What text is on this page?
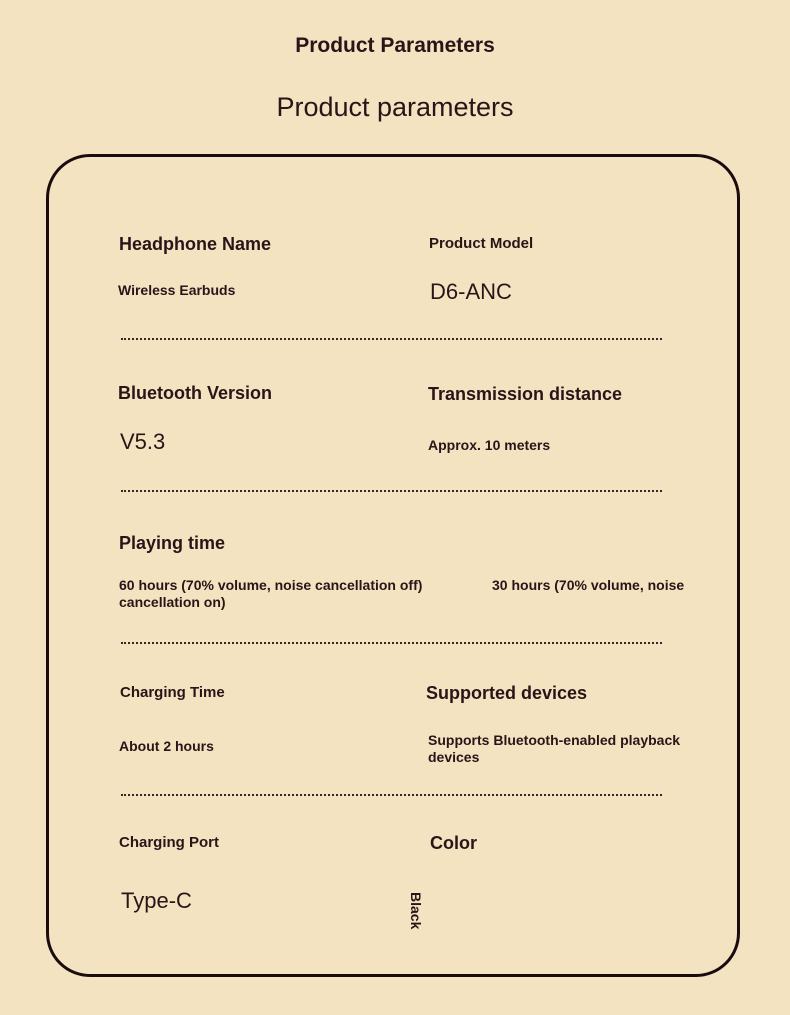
Product Parameters
Product parameters
Headphone Name	Product Model
Wireless Earbuds	D6-ANC
Bluetooth Version	Transmission distance
V5.3	Approx. 10 meters
Playing time
60 hours (70% volume, noise cancellation off)	30 hours (70% volume, noise
cancellation on)
Charging Time	Supported devices
About 2 hours	Supports Bluetooth-enabled playback devices
Charging Port	Color
Type-C	Black
